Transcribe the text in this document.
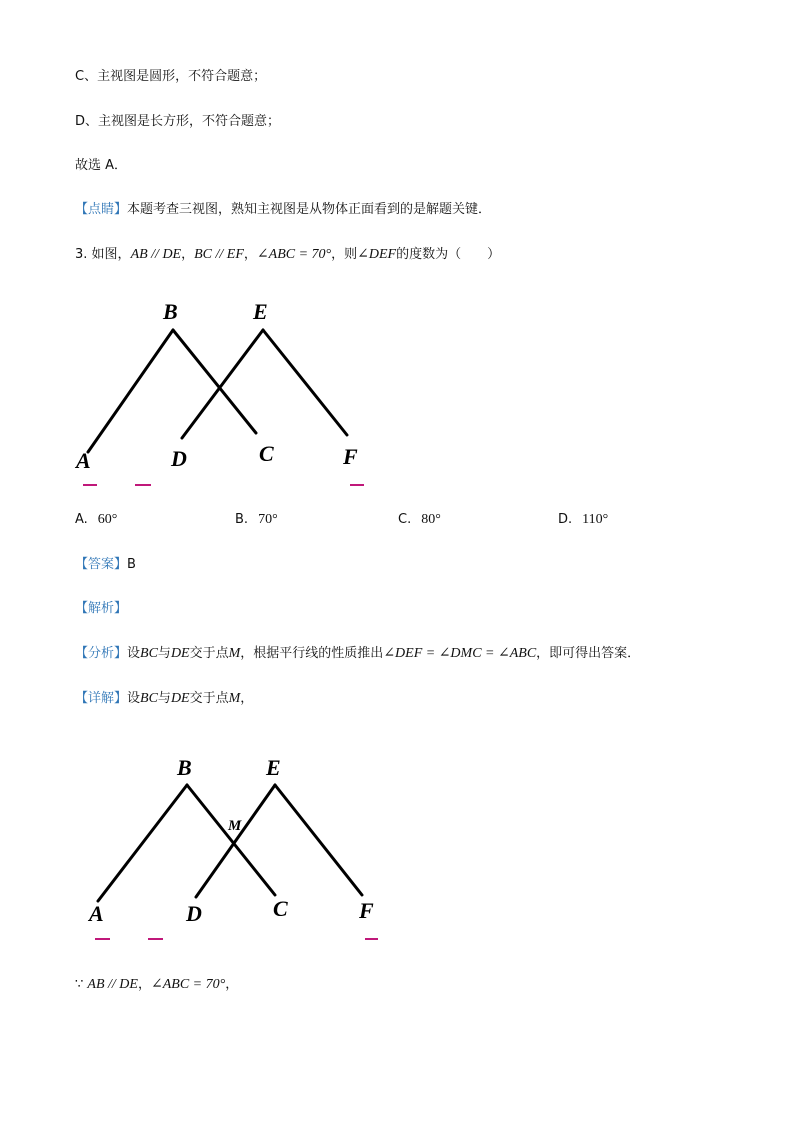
C、主视图是圆形，不符合题意；
D、主视图是长方形，不符合题意；
故选 A．
【点睛】本题考查三视图，熟知主视图是从物体正面看到的是解题关键．
3. 如图，AB // DE，BC // EF，∠ABC = 70°，则∠DEF的度数为（　　）
B	E
A	D	C	F
A. 60°	B. 70°	C. 80°	D. 110°
【答案】B
【解析】
【分析】设BC与DE交于点M，根据平行线的性质推出∠DEF = ∠DMC = ∠ABC，即可得出答案．
【详解】设BC与DE交于点M，
B	E
A	D	C	F
M
∵ AB // DE，∠ABC = 70°，
